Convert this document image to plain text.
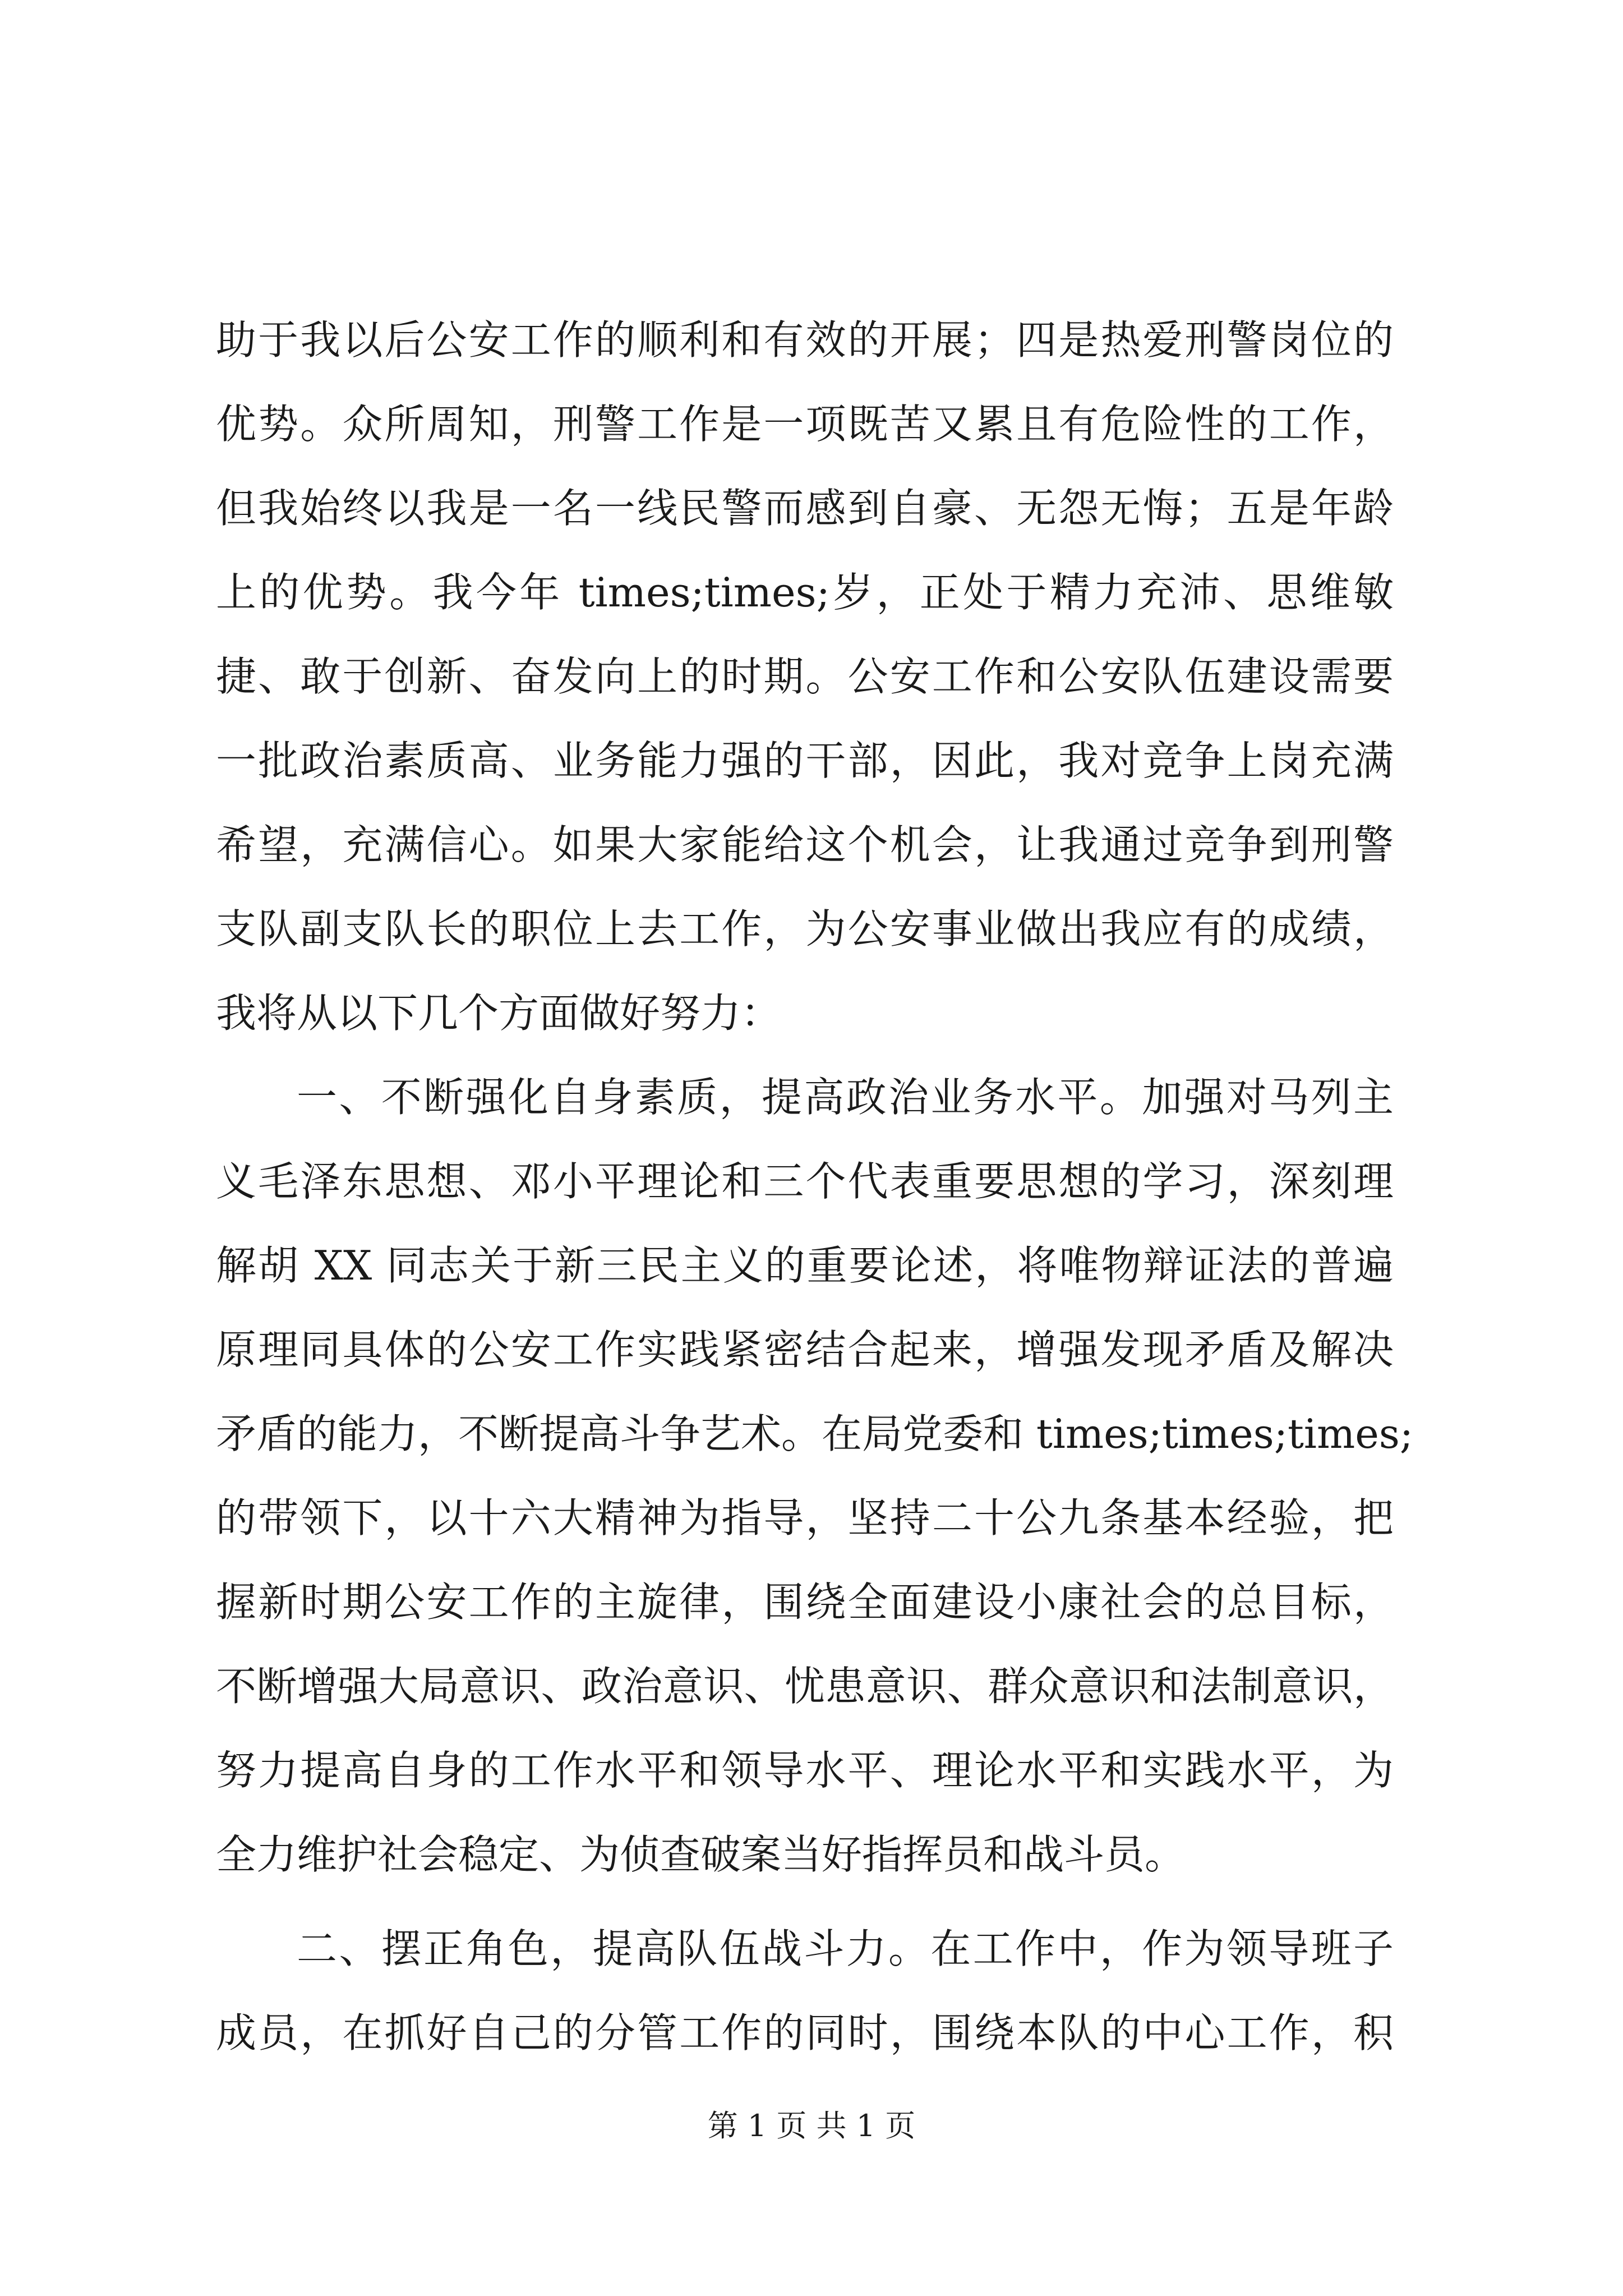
助于我以后公安工作的顺利和有效的开展；四是热爱刑警岗位的
优势。众所周知，刑警工作是一项既苦又累且有危险性的工作，
但我始终以我是一名一线民警而感到自豪、无怨无悔；五是年龄
上的优势。我今年 times;times;岁，正处于精力充沛、思维敏
捷、敢于创新、奋发向上的时期。公安工作和公安队伍建设需要
一批政治素质高、业务能力强的干部，因此，我对竞争上岗充满
希望，充满信心。如果大家能给这个机会，让我通过竞争到刑警
支队副支队长的职位上去工作，为公安事业做出我应有的成绩，
我将从以下几个方面做好努力：
一、不断强化自身素质，提高政治业务水平。加强对马列主
义毛泽东思想、邓小平理论和三个代表重要思想的学习，深刻理
解胡 XX 同志关于新三民主义的重要论述，将唯物辩证法的普遍
原理同具体的公安工作实践紧密结合起来，增强发现矛盾及解决
矛盾的能力，不断提高斗争艺术。在局党委和 times;times;times;
的带领下，以十六大精神为指导，坚持二十公九条基本经验，把
握新时期公安工作的主旋律，围绕全面建设小康社会的总目标，
不断增强大局意识、政治意识、忧患意识、群众意识和法制意识，
努力提高自身的工作水平和领导水平、理论水平和实践水平，为
全力维护社会稳定、为侦查破案当好指挥员和战斗员。
二、摆正角色，提高队伍战斗力。在工作中，作为领导班子
成员，在抓好自己的分管工作的同时，围绕本队的中心工作，积
第 1 页 共 1 页
